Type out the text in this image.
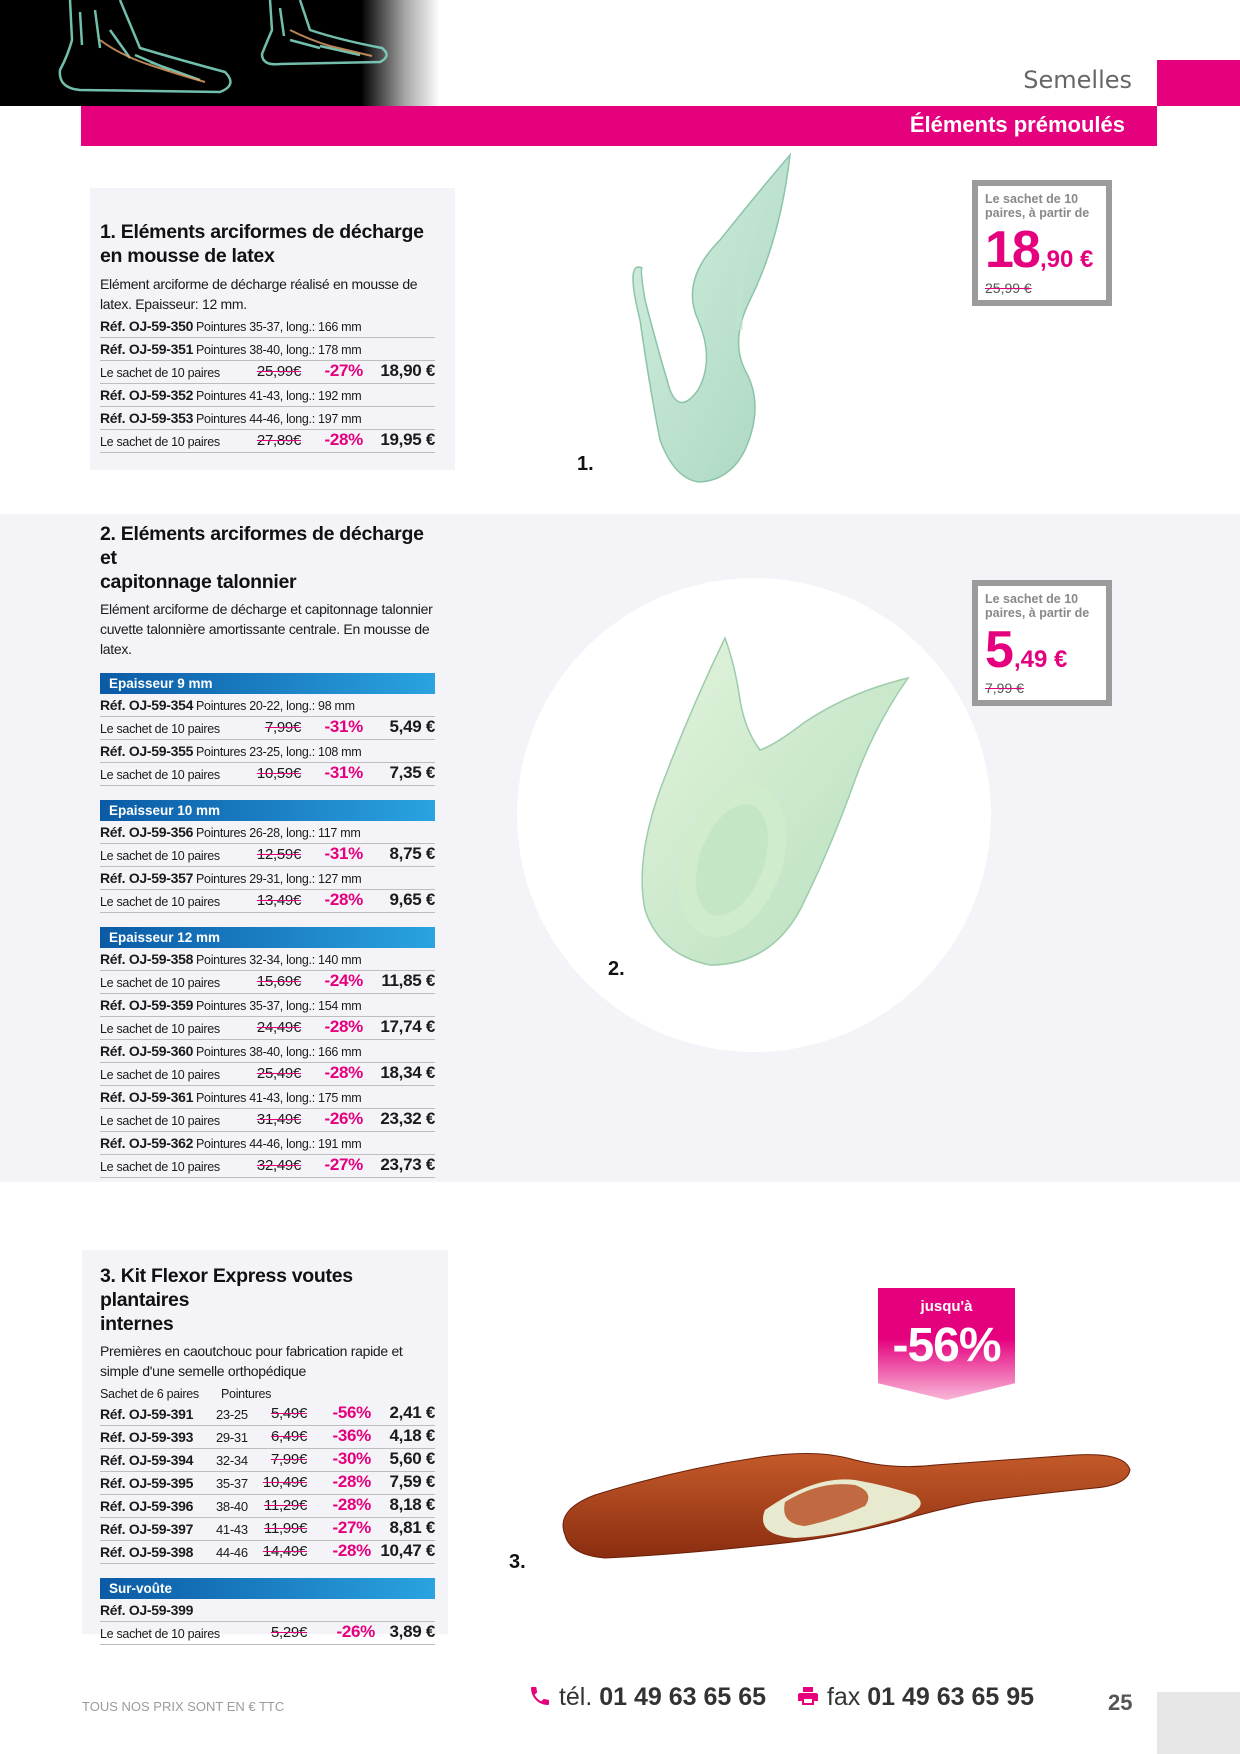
Semelles
Éléments prémoulés
1. Eléments arciformes de décharge
en mousse de latex

Elément arciforme de décharge réalisé en mousse de
latex. Epaisseur: 12 mm.

Réf. OJ-59-350 Pointures 35-37, long.: 166 mm
Réf. OJ-59-351 Pointures 38-40, long.: 178 mm
Le sachet de 10 paires 25,99€ -27% 18,90 €
Réf. OJ-59-352 Pointures 41-43, long.: 192 mm
Réf. OJ-59-353 Pointures 44-46, long.: 197 mm
Le sachet de 10 paires 27,89€ -28% 19,95 €
1.
Le sachet de 10
paires, à partir de
18 ,90 €
25,99 €
2. Eléments arciformes de décharge et
capitonnage talonnier

Elément arciforme de décharge et capitonnage talonnier
cuvette talonnière amortissante centrale. En mousse de
latex.

Epaisseur 9 mm
Réf. OJ-59-354 Pointures 20-22, long.: 98 mm
Le sachet de 10 paires	7,99€ -31% 5,49 €
Réf. OJ-59-355 Pointures 23-25, long.: 108 mm
Le sachet de 10 paires 10,59€ -31% 7,35 €
Epaisseur 10 mm
Réf. OJ-59-356 Pointures 26-28, long.: 117 mm
Le sachet de 10 paires 12,59€ -31% 8,75 €
Réf. OJ-59-357 Pointures 29-31, long.: 127 mm
Le sachet de 10 paires 13,49€ -28% 9,65 €
Epaisseur 12 mm
Réf. OJ-59-358 Pointures 32-34, long.: 140 mm
Le sachet de 10 paires 15,69€ -24% 11,85 €
Réf. OJ-59-359 Pointures 35-37, long.: 154 mm
Le sachet de 10 paires 24,49€ -28% 17,74 €
Réf. OJ-59-360 Pointures 38-40, long.: 166 mm
Le sachet de 10 paires 25,49€ -28% 18,34 €
Réf. OJ-59-361 Pointures 41-43, long.: 175 mm
Le sachet de 10 paires 31,49€ -26% 23,32 €
Réf. OJ-59-362 Pointures 44-46, long.: 191 mm
Le sachet de 10 paires 32,49€ -27% 23,73 €
2.
Le sachet de 10
paires, à partir de
5 ,49 €
7,99 €
3. Kit Flexor Express voutes plantaires
internes

Premières en caoutchouc pour fabrication rapide et
simple d'une semelle orthopédique

Sachet de 6 paires Pointures
Réf. OJ-59-391 23-25 5,49€ -56% 2,41 €
Réf. OJ-59-393 29-31 6,49€ -36% 4,18 €
Réf. OJ-59-394 32-34 7,99€ -30% 5,60 €
Réf. OJ-59-395 35-37 10,49€ -28% 7,59 €
Réf. OJ-59-396 38-40 11,29€ -28% 8,18 €
Réf. OJ-59-397 41-43 11,99€ -27% 8,81 €
Réf. OJ-59-398 44-46 14,49€ -28% 10,47 €
Sur-voûte
Réf. OJ-59-399
Le sachet de 10 paires	5,29€ -26% 3,89 €
jusqu'à
-56%
3.
TOUS NOS PRIX SONT EN € TTC	tél. 01 49 63 65 65	fax 01 49 63 65 95	25
